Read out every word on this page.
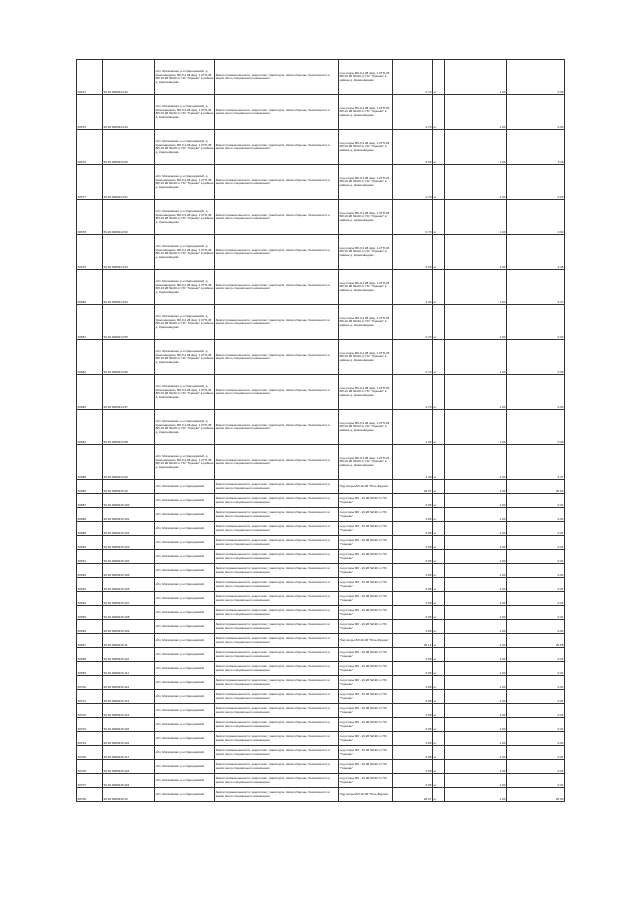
60674	50:20:0080914:42	обл. Московская, р-н Одинцовский, д. Красновидово, ВЛ-0,4 кВ фид. 1 КТП-45 ВЛ-10 кВ №110 от ПС "Горнево" в районе д. Красновидово	Земли промышленности, энергетики, транспорта, связи обороны, безопасности и земли иного специального назначения	под опоры ВЛ-0,4 кВ фид. 1 КТП-45 ВЛ-10 кВ №110 от ПС "Горнево" в районе д. Красновидово	0.70	м	1.00	0.63
60675	50:20:0080914:43	обл. Московская, р-н Одинцовский, д. Красновидово, ВЛ-0,4 кВ фид. 1 КТП-45 ВЛ-10 кВ №110 от ПС "Горнево" в районе д. Красновидово	Земли промышленности, энергетики, транспорта, связи обороны, безопасности и земли иного специального назначения	под опоры ВЛ-0,4 кВ фид. 1 КТП-45 ВЛ-10 кВ №110 от ПС "Горнево" в районе д. Красновидово	0.70	м	1.00	0.63
60676	50:20:0080914:50	обл. Московская, р-н Одинцовский, д. Красновидово, ВЛ-0,4 кВ фид. 1 КТП-45 ВЛ-10 кВ №110 от ПС "Горнево" в районе д. Красновидово	Земли промышленности, энергетики, транспорта, связи обороны, безопасности и земли иного специального назначения	под опоры ВЛ-0,4 кВ фид. 1 КТП-45 ВЛ-10 кВ №110 от ПС "Горнево" в районе д. Красновидово	5.00	м	1.00	3.18
60677	50:20:0080914:51	обл. Московская, р-н Одинцовский, д. Красновидово, ВЛ-0,4 кВ фид. 1 КТП-45 ВЛ-10 кВ №110 от ПС "Горнево" в районе д. Красновидово	Земли промышленности, энергетики, транспорта, связи обороны, безопасности и земли иного специального назначения	под опоры ВЛ-0,4 кВ фид. 1 КТП-45 ВЛ-10 кВ №110 от ПС "Горнево" в районе д. Красновидово	0.70	м	1.00	0.63
60678	50:20:0080914:52	обл. Московская, р-н Одинцовский, д. Красновидово, ВЛ-0,4 кВ фид. 1 КТП-45 ВЛ-10 кВ №110 от ПС "Горнево" в районе д. Красновидово	Земли промышленности, энергетики, транспорта, связи обороны, безопасности и земли иного специального назначения	под опоры ВЛ-0,4 кВ фид. 1 КТП-45 ВЛ-10 кВ №110 от ПС "Горнево" в районе д. Красновидово	0.70	м	1.00	0.63
60679	50:20:0080914:53	обл. Московская, р-н Одинцовский, д. Красновидово, ВЛ-0,4 кВ фид. 1 КТП-45 ВЛ-10 кВ №110 от ПС "Горнево" в районе д. Красновидово	Земли промышленности, энергетики, транспорта, связи обороны, безопасности и земли иного специального назначения	под опоры ВЛ-0,4 кВ фид. 1 КТП-45 ВЛ-10 кВ №110 от ПС "Горнево" в районе д. Красновидово	5.00	м	1.00	3.18
60680	50:20:0080914:54	обл. Московская, р-н Одинцовский, д. Красновидово, ВЛ-0,4 кВ фид. 1 КТП-45 ВЛ-10 кВ №110 от ПС "Горнево" в районе д. Красновидово	Земли промышленности, энергетики, транспорта, связи обороны, безопасности и земли иного специального назначения	под опоры ВЛ-0,4 кВ фид. 1 КТП-45 ВЛ-10 кВ №110 от ПС "Горнево" в районе д. Красновидово	4.40	м	1.00	6.37
60681	50:20:0080914:55	обл. Московская, р-н Одинцовский, д. Красновидово, ВЛ-0,4 кВ фид. 1 КТП-45 ВЛ-10 кВ №110 от ПС "Горнево" в районе д. Красновидово	Земли промышленности, энергетики, транспорта, связи обороны, безопасности и земли иного специального назначения	под опоры ВЛ-0,4 кВ фид. 1 КТП-45 ВЛ-10 кВ №110 от ПС "Горнево" в районе д. Красновидово	0.70	м	1.00	0.63
60682	50:20:0080914:56	обл. Московская, р-н Одинцовский, д. Красновидово, ВЛ-0,4 кВ фид. 1 КТП-45 ВЛ-10 кВ №110 от ПС "Горнево" в районе д. Красновидово	Земли промышленности, энергетики, транспорта, связи обороны, безопасности и земли иного специального назначения	под опоры ВЛ-0,4 кВ фид. 1 КТП-45 ВЛ-10 кВ №110 от ПС "Горнево" в районе д. Красновидово	0.70	м	1.00	0.63
60683	50:20:0080914:57	обл. Московская, р-н Одинцовский, д. Красновидово, ВЛ-0,4 кВ фид. 1 КТП-45 ВЛ-10 кВ №110 от ПС "Горнево" в районе д. Красновидово	Земли промышленности, энергетики, транспорта, связи обороны, безопасности и земли иного специального назначения	под опоры ВЛ-0,4 кВ фид. 1 КТП-45 ВЛ-10 кВ №110 от ПС "Горнево" в районе д. Красновидово	0.70	м	1.00	0.63
60684	50:20:0080914:58	обл. Московская, р-н Одинцовский, д. Красновидово, ВЛ-0,4 кВ фид. 1 КТП-45 ВЛ-10 кВ №110 от ПС "Горнево" в районе д. Красновидово	Земли промышленности, энергетики, транспорта, связи обороны, безопасности и земли иного специального назначения	под опоры ВЛ-0,4 кВ фид. 1 КТП-45 ВЛ-10 кВ №110 от ПС "Горнево" в районе д. Красновидово	1.00	м	1.00	0.63
60685	50:20:0080914:60	обл. Московская, р-н Одинцовский, д. Красновидово, ВЛ-0,4 кВ фид. 1 КТП-45 ВЛ-10 кВ №110 от ПС "Горнево" в районе д. Красновидово	Земли промышленности, энергетики, транспорта, связи обороны, безопасности и земли иного специального назначения	под опоры ВЛ-0,4 кВ фид. 1 КТП-45 ВЛ-10 кВ №110 от ПС "Горнево" в районе д. Красновидово	4.40	м	1.00	6.37
60686	50:20:0080915:16	обл. Московская, р-н Одинцовский	Земли промышленности, энергетики, транспорта, связи обороны, безопасности и земли иного специального назначения	Под опоры ВЛ-10 кВ "Пять-Фрунзе"	30.07	м	1.00	25.63
60687	50:20:0080915:100	обл. Московская, р-н Одинцовский	Земли промышленности, энергетики, транспорта, связи обороны, безопасности и земли иного специального назначения	под опоры ВЛ - 10 кВ №110 от ПС "Горнево"	0.05	м	1.00	0.04
60688	50:20:0080915:101	обл. Московская, р-н Одинцовский	Земли промышленности, энергетики, транспорта, связи обороны, безопасности и земли иного специального назначения	под опоры ВЛ - 10 кВ №110 от ПС "Горнево"	0.05	м	1.00	0.04
60689	50:20:0080915:102	обл. Московская, р-н Одинцовский	Земли промышленности, энергетики, транспорта, связи обороны, безопасности и земли иного специального назначения	под опоры ВЛ - 10 кВ №110 от ПС "Горнево"	0.05	м	1.00	0.04
60690	50:20:0080915:103	обл. Московская, р-н Одинцовский	Земли промышленности, энергетики, транспорта, связи обороны, безопасности и земли иного специального назначения	под опоры ВЛ - 10 кВ №110 от ПС "Горнево"	0.05	м	1.00	0.04
60691	50:20:0080915:104	обл. Московская, р-н Одинцовский	Земли промышленности, энергетики, транспорта, связи обороны, безопасности и земли иного специального назначения	под опоры ВЛ - 10 кВ №110 от ПС "Горнево"	0.05	м	1.00	0.04
60692	50:20:0080915:105	обл. Московская, р-н Одинцовский	Земли промышленности, энергетики, транспорта, связи обороны, безопасности и земли иного специального назначения	под опоры ВЛ - 10 кВ №110 от ПС "Горнево"	0.05	м	1.00	0.04
60693	50:20:0080915:106	обл. Московская, р-н Одинцовский	Земли промышленности, энергетики, транспорта, связи обороны, безопасности и земли иного специального назначения	под опоры ВЛ - 10 кВ №110 от ПС "Горнево"	0.05	м	1.00	0.04
60694	50:20:0080915:107	обл. Московская, р-н Одинцовский	Земли промышленности, энергетики, транспорта, связи обороны, безопасности и земли иного специального назначения	под опоры ВЛ - 10 кВ №110 от ПС "Горнево"	0.05	м	1.00	0.04
60695	50:20:0080915:108	обл. Московская, р-н Одинцовский	Земли промышленности, энергетики, транспорта, связи обороны, безопасности и земли иного специального назначения	под опоры ВЛ - 10 кВ №110 от ПС "Горнево"	0.05	м	1.00	0.04
60696	50:20:0080915:109	обл. Московская, р-н Одинцовский	Земли промышленности, энергетики, транспорта, связи обороны, безопасности и земли иного специального назначения	под опоры ВЛ - 10 кВ №110 от ПС "Горнево"	0.05	м	1.00	0.04
60697	50:20:0080915:11	обл. Московская, р-н Одинцовский	Земли промышленности, энергетики, транспорта, связи обороны, безопасности и земли иного специального назначения	Под опоры ВЛ-10 кВ "Пять-Фрунзе"	30.14	м	1.00	25.68
60698	50:20:0080915:110	обл. Московская, р-н Одинцовский	Земли промышленности, энергетики, транспорта, связи обороны, безопасности и земли иного специального назначения	под опоры ВЛ - 10 кВ №110 от ПС "Горнево"	0.05	м	1.00	0.04
60699	50:20:0080915:111	обл. Московская, р-н Одинцовский	Земли промышленности, энергетики, транспорта, связи обороны, безопасности и земли иного специального назначения	под опоры ВЛ - 10 кВ №110 от ПС "Горнево"	0.05	м	1.00	0.04
60700	50:20:0080915:112	обл. Московская, р-н Одинцовский	Земли промышленности, энергетики, транспорта, связи обороны, безопасности и земли иного специального назначения	под опоры ВЛ - 10 кВ №110 от ПС "Горнево"	0.05	м	1.00	0.04
60701	50:20:0080915:113	обл. Московская, р-н Одинцовский	Земли промышленности, энергетики, транспорта, связи обороны, безопасности и земли иного специального назначения	под опоры ВЛ - 10 кВ №110 от ПС "Горнево"	0.05	м	1.00	0.04
60702	50:20:0080915:114	обл. Московская, р-н Одинцовский	Земли промышленности, энергетики, транспорта, связи обороны, безопасности и земли иного специального назначения	под опоры ВЛ - 10 кВ №110 от ПС "Горнево"	0.05	м	1.00	0.04
60703	50:20:0080915:115	обл. Московская, р-н Одинцовский	Земли промышленности, энергетики, транспорта, связи обороны, безопасности и земли иного специального назначения	под опоры ВЛ - 10 кВ №110 от ПС "Горнево"	0.05	м	1.00	0.04
60704	50:20:0080915:116	обл. Московская, р-н Одинцовский	Земли промышленности, энергетики, транспорта, связи обороны, безопасности и земли иного специального назначения	под опоры ВЛ - 10 кВ №110 от ПС "Горнево"	0.05	м	1.00	0.04
60705	50:20:0080915:117	обл. Московская, р-н Одинцовский	Земли промышленности, энергетики, транспорта, связи обороны, безопасности и земли иного специального назначения	под опоры ВЛ - 10 кВ №110 от ПС "Горнево"	0.05	м	1.00	0.04
60706	50:20:0080915:118	обл. Московская, р-н Одинцовский	Земли промышленности, энергетики, транспорта, связи обороны, безопасности и земли иного специального назначения	под опоры ВЛ - 10 кВ №110 от ПС "Горнево"	0.05	м	1.00	0.04
60707	50:20:0080915:119	обл. Московская, р-н Одинцовский	Земли промышленности, энергетики, транспорта, связи обороны, безопасности и земли иного специального назначения	под опоры ВЛ - 10 кВ №110 от ПС "Горнево"	0.05	м	1.00	0.04
60708	50:20:0080915:12	обл. Московская, р-н Одинцовский	Земли промышленности, энергетики, транспорта, связи обороны, безопасности и земли иного специального назначения	Под опоры ВЛ-10 кВ "Пять-Фрунзе"	30.07	м	1.00	25.63
